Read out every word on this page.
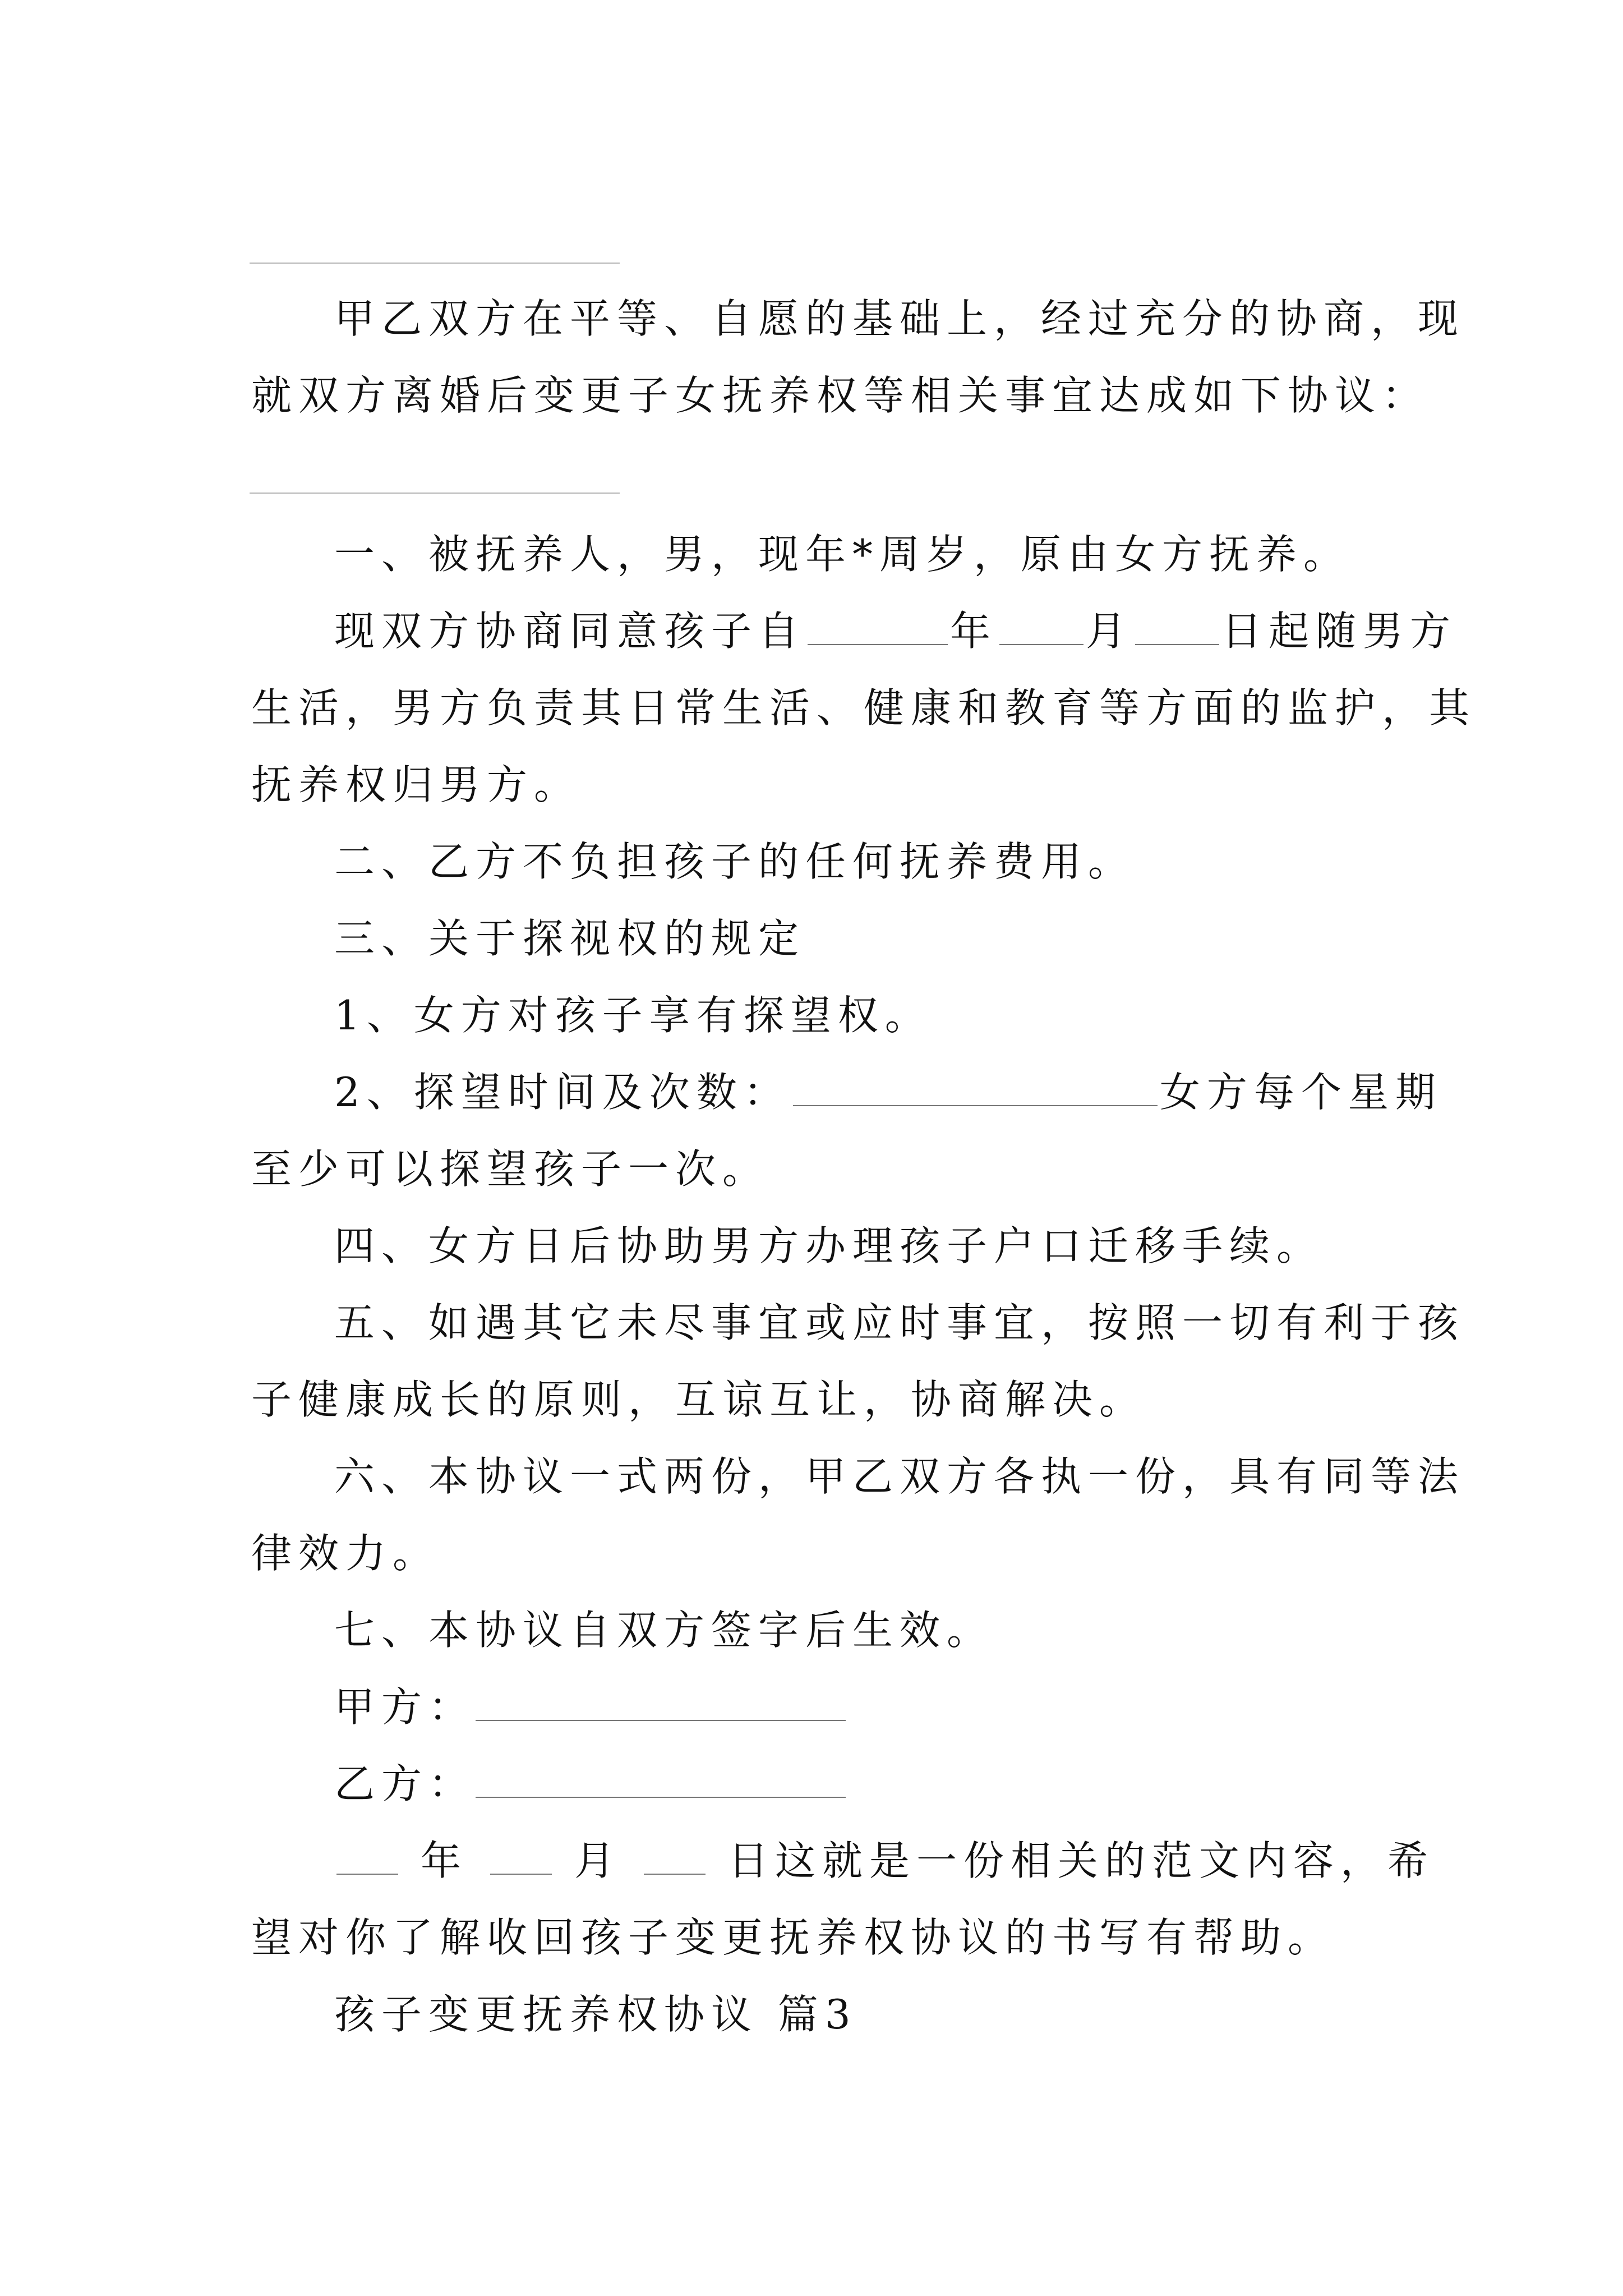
甲乙双方在平等、自愿的基础上，经过充分的协商，现

就双方离婚后变更子女抚养权等相关事宜达成如下协议：

一、被抚养人，男，现年*周岁，原由女方抚养。

现双方协商同意孩子自	年 月 日起随男方

生活，男方负责其日常生活、健康和教育等方面的监护，其

抚养权归男方。

二、乙方不负担孩子的任何抚养费用。

三、关于探视权的规定

1、女方对孩子享有探望权。

2、探望时间及次数：	女方每个星期

至少可以探望孩子一次。

四、女方日后协助男方办理孩子户口迁移手续。

五、如遇其它未尽事宜或应时事宜，按照一切有利于孩

子健康成长的原则，互谅互让，协商解决。

六、本协议一式两份，甲乙双方各执一份，具有同等法

律效力。

七、本协议自双方签字后生效。

甲方：

乙方：

年	月	日这就是一份相关的范文内容，希

望对你了解收回孩子变更抚养权协议的书写有帮助。

孩子变更抚养权协议 篇3
